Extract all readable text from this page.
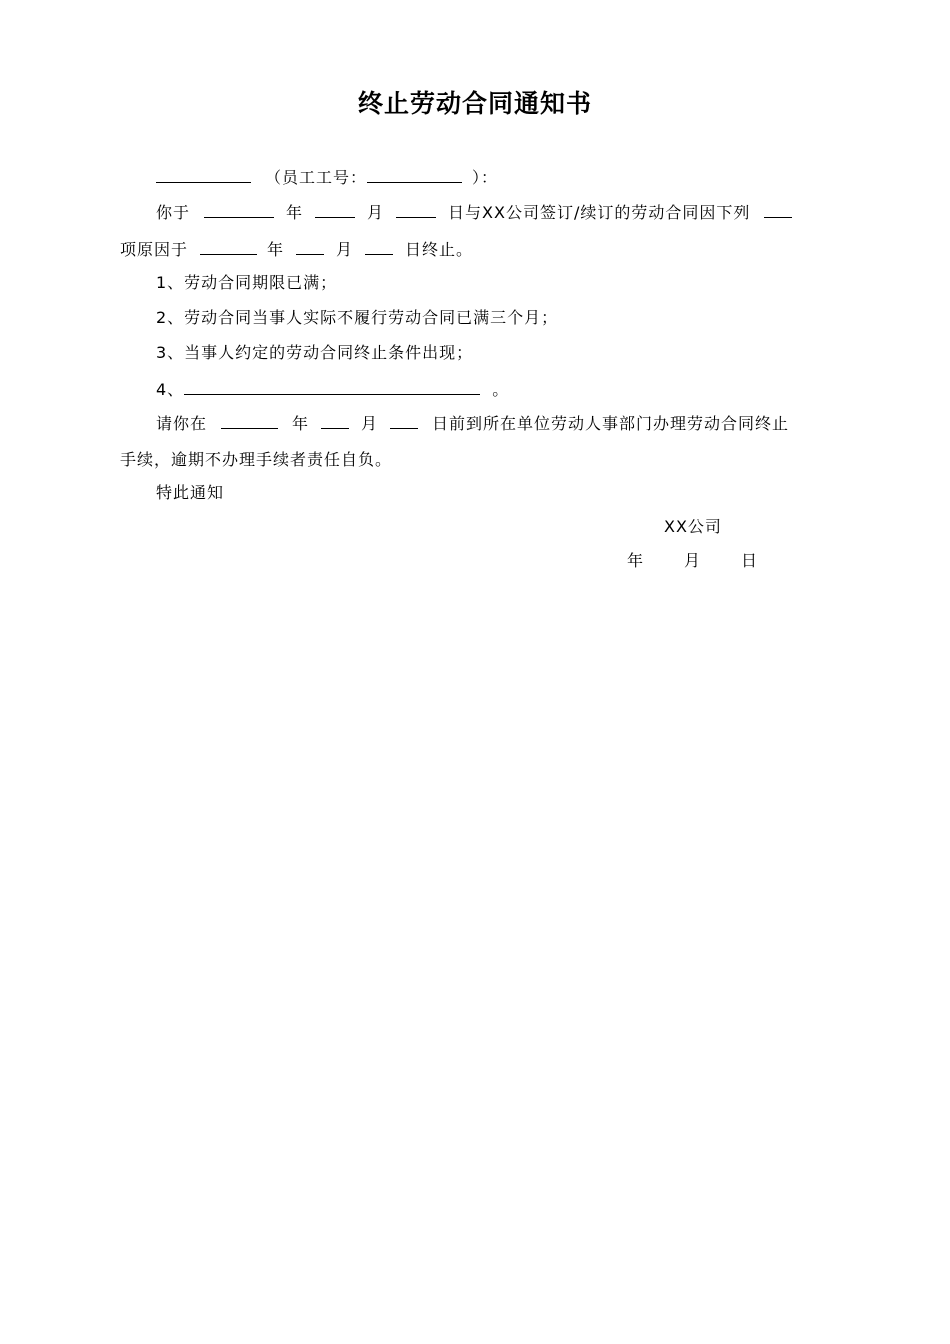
终止劳动合同通知书
（员工工号：	）：
你于	年	月	日与XX公司签订/续订的劳动合同因下列
项原因于	年	月	日终止。
1、劳动合同期限已满；
2、劳动合同当事人实际不履行劳动合同已满三个月；
3、当事人约定的劳动合同终止条件出现；
4、	。
请你在	年	月	日前到所在单位劳动人事部门办理劳动合同终止
手续，逾期不办理手续者责任自负。
特此通知
XX公司
年	月	日
